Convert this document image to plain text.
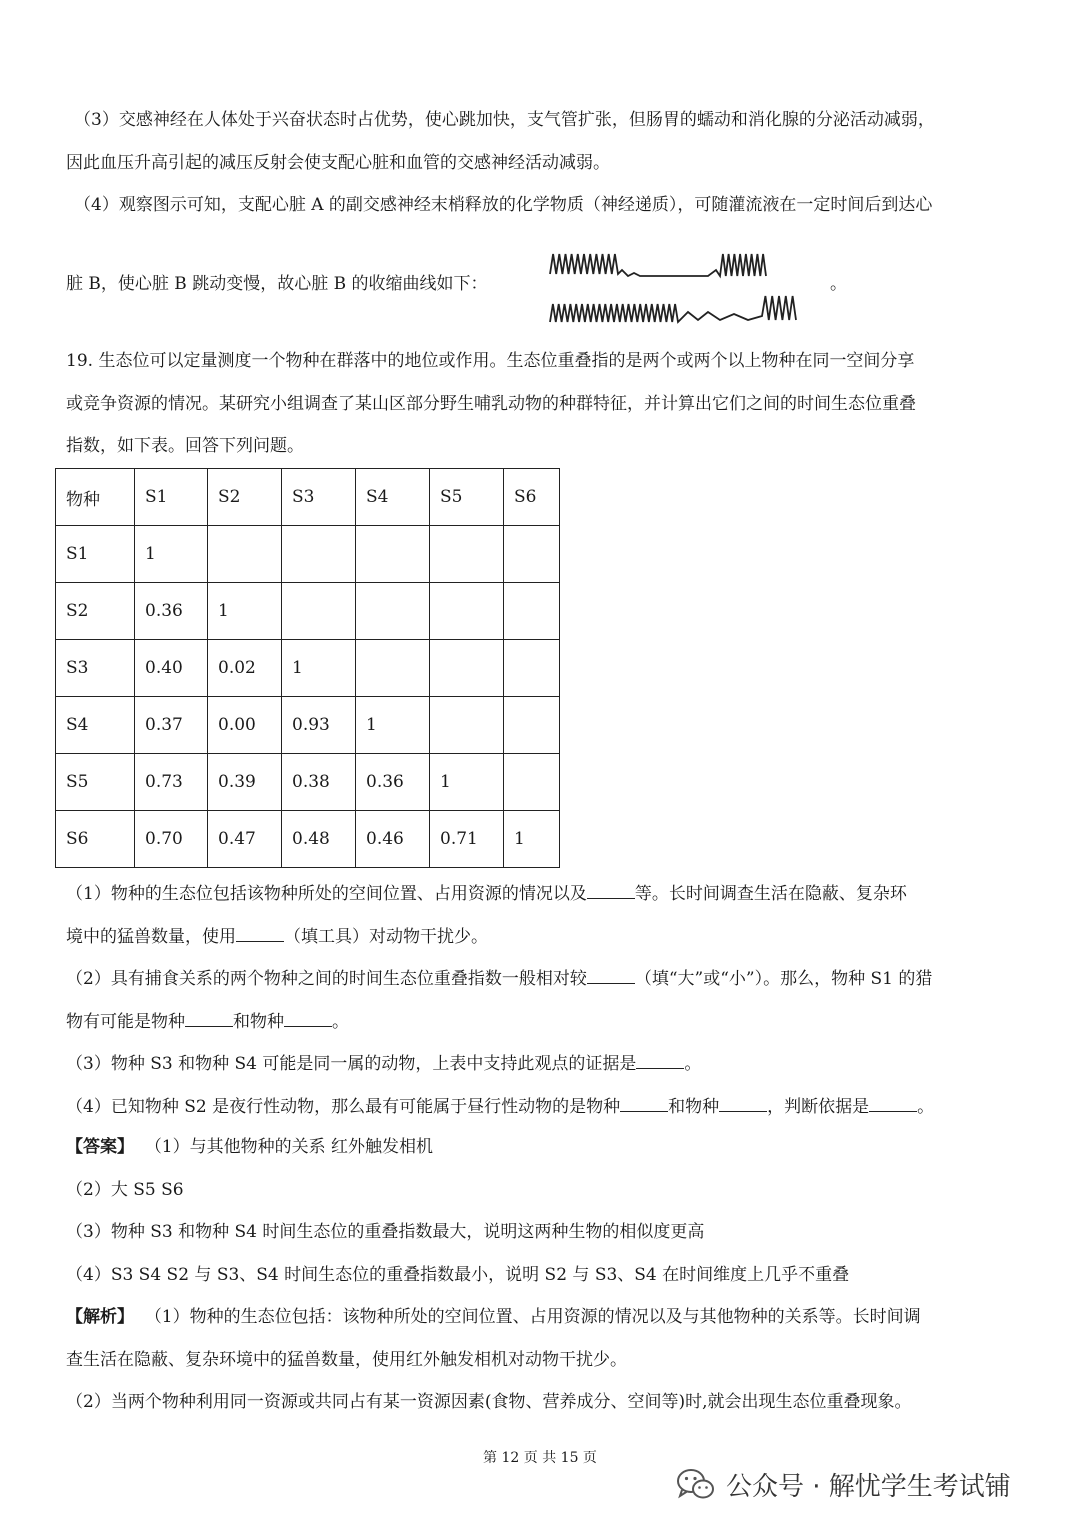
（3）交感神经在人体处于兴奋状态时占优势，使心跳加快，支气管扩张，但肠胃的蠕动和消化腺的分泌活动减弱，
因此血压升高引起的减压反射会使支配心脏和血管的交感神经活动减弱。
（4）观察图示可知，支配心脏 A 的副交感神经末梢释放的化学物质（神经递质），可随灌流液在一定时间后到达心
脏 B，使心脏 B 跳动变慢，故心脏 B 的收缩曲线如下：	。
19. 生态位可以定量测度一个物种在群落中的地位或作用。生态位重叠指的是两个或两个以上物种在同一空间分享
或竞争资源的情况。某研究小组调查了某山区部分野生哺乳动物的种群特征，并计算出它们之间的时间生态位重叠
指数，如下表。回答下列问题。
物种	S1	S2	S3	S4	S5	S6
S1	1					
S2	0.36	1				
S3	0.40	0.02	1			
S4	0.37	0.00	0.93	1		
S5	0.73	0.39	0.38	0.36	1	
S6	0.70	0.47	0.48	0.46	0.71	1
（1）物种的生态位包括该物种所处的空间位置、占用资源的情况以及	等。长时间调查生活在隐蔽、复杂环
境中的猛兽数量，使用	（填工具）对动物干扰少。
（2）具有捕食关系的两个物种之间的时间生态位重叠指数一般相对较	（填“大”或“小”）。那么，物种 S1 的猎
物有可能是物种	和物种	。
（3）物种 S3 和物种 S4 可能是同一属的动物，上表中支持此观点的证据是	。
（4）已知物种 S2 是夜行性动物，那么最有可能属于昼行性动物的是物种	和物种	，判断依据是	。
【答案】 （1）与其他物种的关系 红外触发相机
（2）大 S5 S6
（3）物种 S3 和物种 S4 时间生态位的重叠指数最大，说明这两种生物的相似度更高
（4）S3 S4 S2 与 S3、S4 时间生态位的重叠指数最小，说明 S2 与 S3、S4 在时间维度上几乎不重叠
【解析】 （1）物种的生态位包括：该物种所处的空间位置、占用资源的情况以及与其他物种的关系等。长时间调
查生活在隐蔽、复杂环境中的猛兽数量，使用红外触发相机对动物干扰少。
（2）当两个物种利用同一资源或共同占有某一资源因素(食物、营养成分、空间等)时,就会出现生态位重叠现象。
第 12 页 共 15 页
公众号 · 解忧学生考试铺
